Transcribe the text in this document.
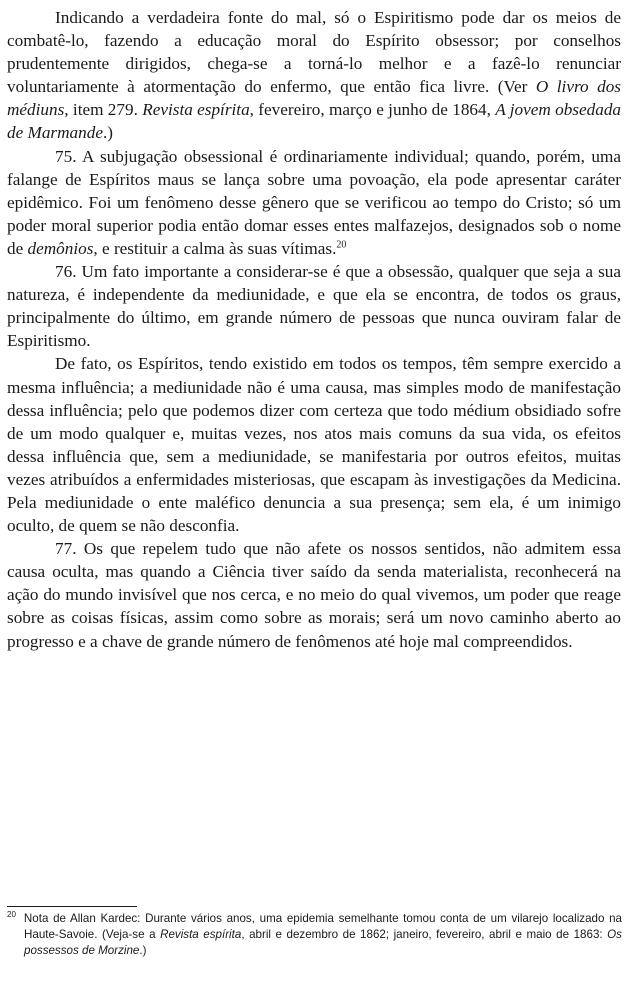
Indicando a verdadeira fonte do mal, só o Espiritismo pode dar os meios de combatê-lo, fazendo a educação moral do Espírito obsessor; por conselhos prudentemente dirigidos, chega-se a torná-lo melhor e a fazê-lo renunciar voluntariamente à atormentação do enfermo, que então fica livre. (Ver O livro dos médiuns, item 279. Revista espírita, fevereiro, março e junho de 1864, A jovem obsedada de Marmande.)

75. A subjugação obsessional é ordinariamente individual; quando, porém, uma falange de Espíritos maus se lança sobre uma povoação, ela pode apresentar caráter epidêmico. Foi um fenômeno desse gênero que se verificou ao tempo do Cristo; só um poder moral superior podia então domar esses entes malfazejos, designados sob o nome de demônios, e restituir a calma às suas vítimas.$^{20}$

76. Um fato importante a considerar-se é que a obsessão, qualquer que seja a sua natureza, é independente da mediunidade, e que ela se encontra, de todos os graus, principalmente do último, em grande número de pessoas que nunca ouviram falar de Espiritismo.

De fato, os Espíritos, tendo existido em todos os tempos, têm sempre exercido a mesma influência; a mediunidade não é uma causa, mas simples modo de manifestação dessa influência; pelo que podemos dizer com certeza que todo médium obsidiado sofre de um modo qualquer e, muitas vezes, nos atos mais comuns da sua vida, os efeitos dessa influência que, sem a mediunidade, se manifestaria por outros efeitos, muitas vezes atribuídos a enfermidades misteriosas, que escapam às investigações da Medicina. Pela mediunidade o ente maléfico denuncia a sua presença; sem ela, é um inimigo oculto, de quem se não desconfia.

77. Os que repelem tudo que não afete os nossos sentidos, não admitem essa causa oculta, mas quando a Ciência tiver saído da senda materialista, reconhecerá na ação do mundo invisível que nos cerca, e no meio do qual vivemos, um poder que reage sobre as coisas físicas, assim como sobre as morais; será um novo caminho aberto ao progresso e a chave de grande número de fenômenos até hoje mal compreendidos.

$^{20}$ Nota de Allan Kardec: Durante vários anos, uma epidemia semelhante tomou conta de um vilarejo localizado na Haute-Savoie. (Veja-se a Revista espírita, abril e dezembro de 1862; janeiro, fevereiro, abril e maio de 1863: Os possessos de Morzine.)
